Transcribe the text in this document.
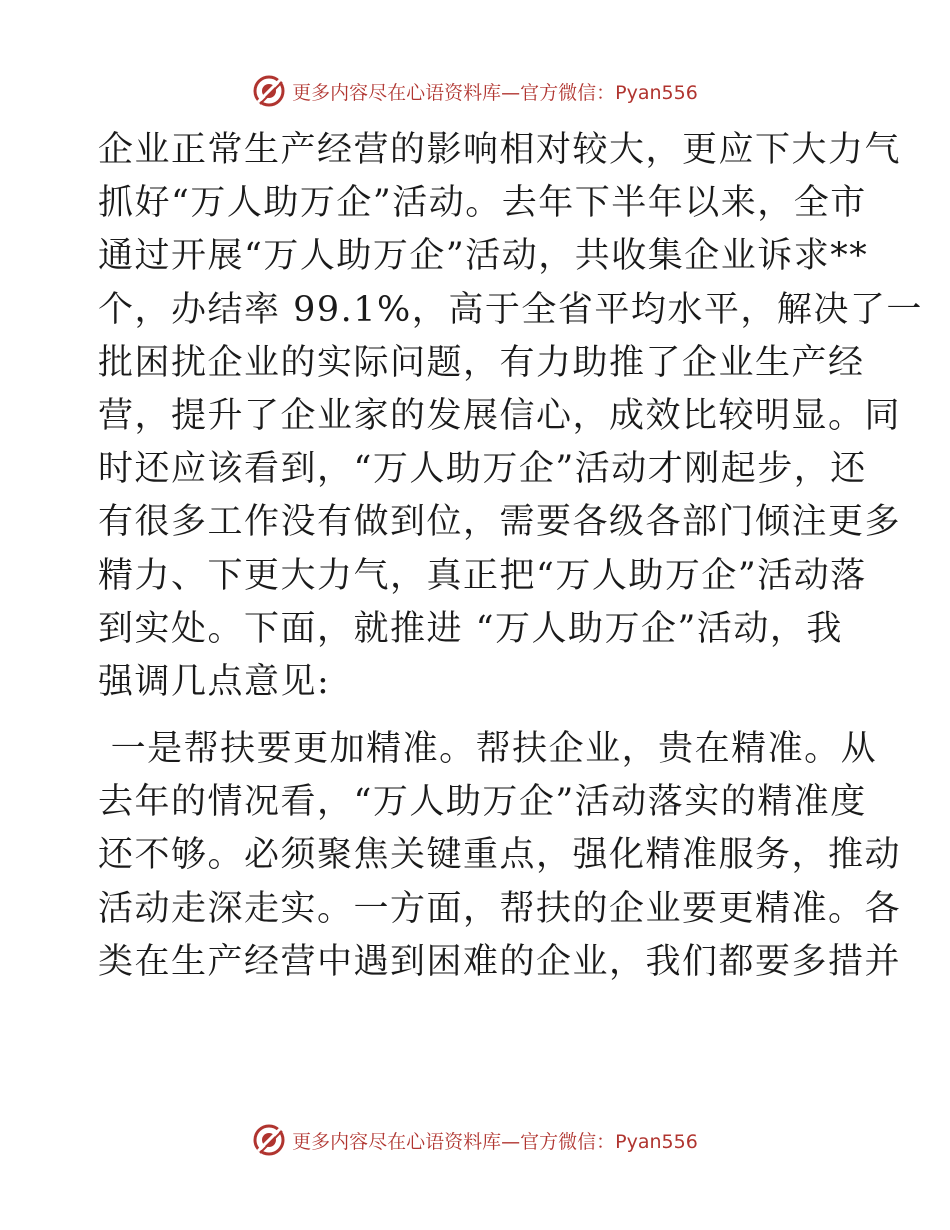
更多内容尽在心语资料库—官方微信：Pyan556
企业正常生产经营的影响相对较大，更应下大力气
抓好“万人助万企”活动。去年下半年以来，全市
通过开展“万人助万企”活动，共收集企业诉求**
个，办结率 99.1%，高于全省平均水平，解决了一
批困扰企业的实际问题，有力助推了企业生产经
营，提升了企业家的发展信心，成效比较明显。同
时还应该看到，“万人助万企”活动才刚起步，还
有很多工作没有做到位，需要各级各部门倾注更多
精力、下更大力气，真正把“万人助万企”活动落
到实处。下面，就推进 “万人助万企”活动，我
强调几点意见:
一是帮扶要更加精准。帮扶企业，贵在精准。从
去年的情况看，“万人助万企”活动落实的精准度
还不够。必须聚焦关键重点，强化精准服务，推动
活动走深走实。一方面，帮扶的企业要更精准。各
类在生产经营中遇到困难的企业，我们都要多措并
更多内容尽在心语资料库—官方微信：Pyan556
